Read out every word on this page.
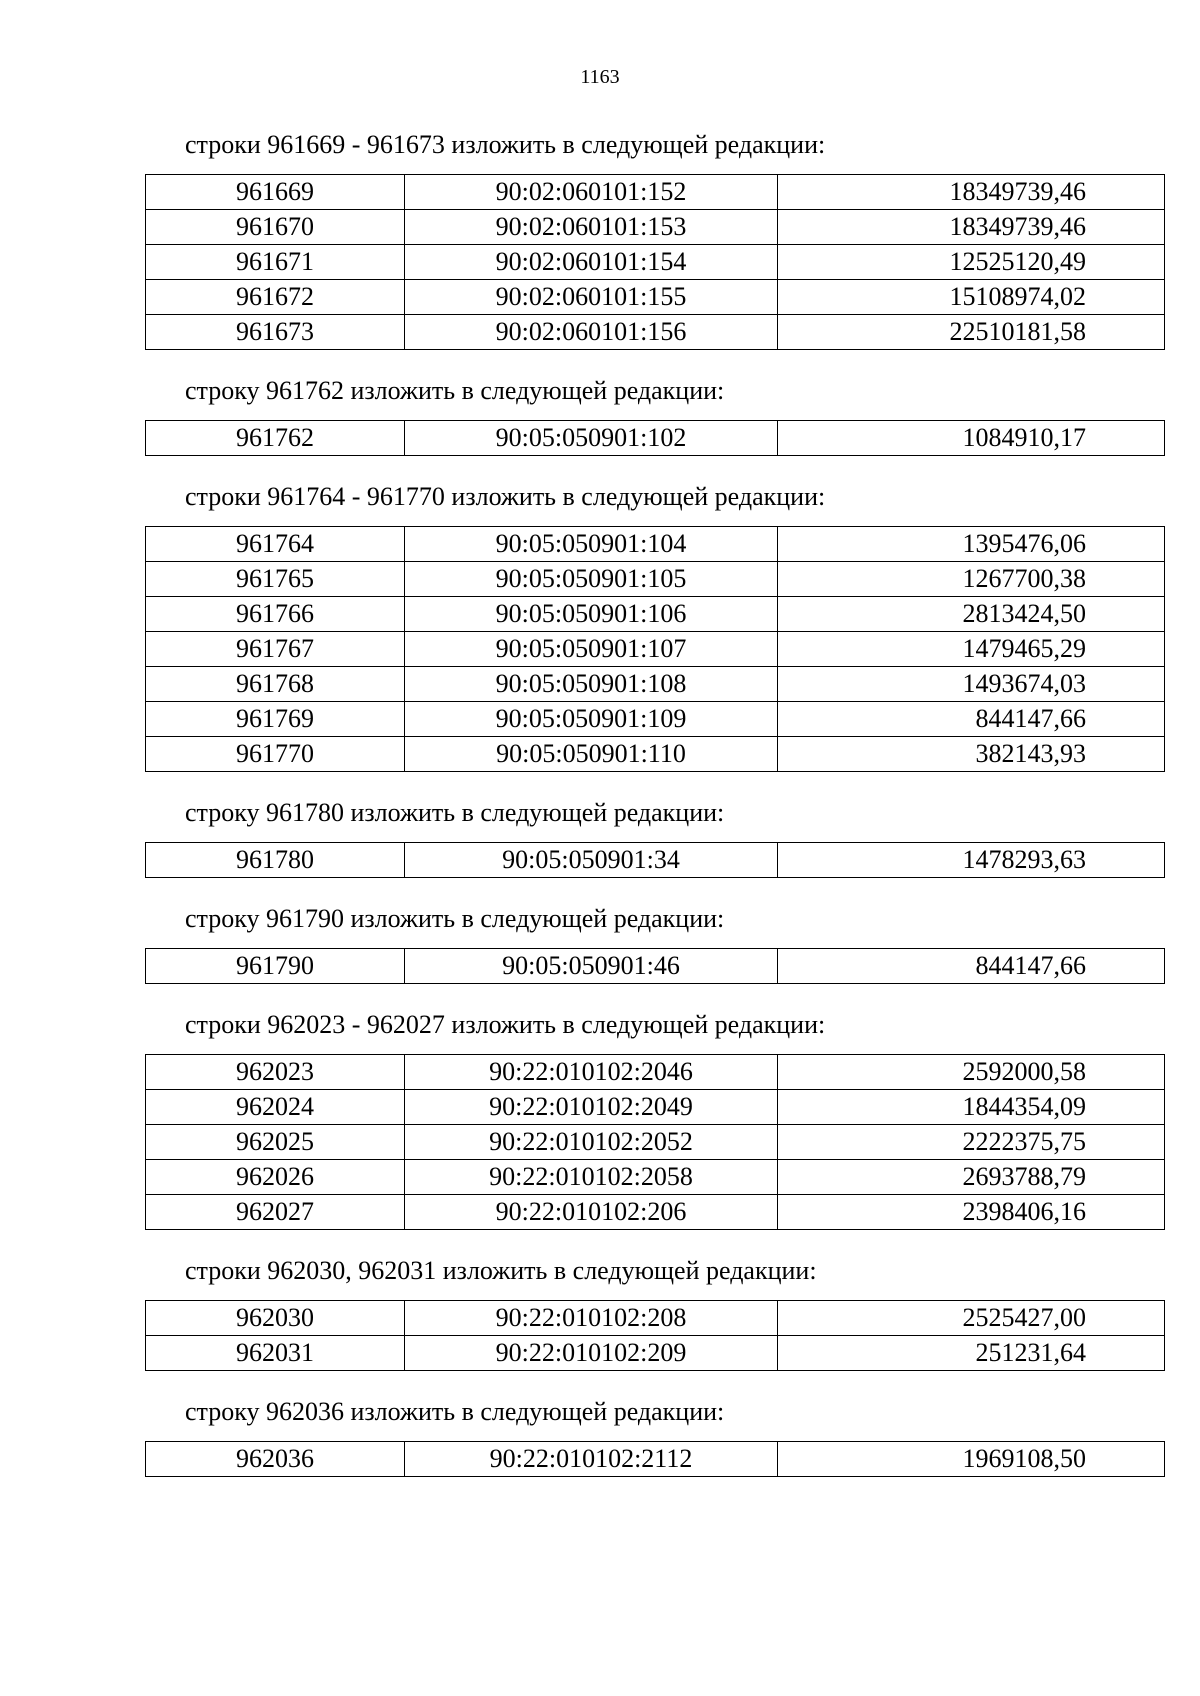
1163
строки 961669 - 961673 изложить в следующей редакции:
961669	90:02:060101:152	18349739,46
961670	90:02:060101:153	18349739,46
961671	90:02:060101:154	12525120,49
961672	90:02:060101:155	15108974,02
961673	90:02:060101:156	22510181,58
строку 961762 изложить в следующей редакции:
961762	90:05:050901:102	1084910,17
строки 961764 - 961770 изложить в следующей редакции:
961764	90:05:050901:104	1395476,06
961765	90:05:050901:105	1267700,38
961766	90:05:050901:106	2813424,50
961767	90:05:050901:107	1479465,29
961768	90:05:050901:108	1493674,03
961769	90:05:050901:109	844147,66
961770	90:05:050901:110	382143,93
строку 961780 изложить в следующей редакции:
961780	90:05:050901:34	1478293,63
строку 961790 изложить в следующей редакции:
961790	90:05:050901:46	844147,66
строки 962023 - 962027 изложить в следующей редакции:
962023	90:22:010102:2046	2592000,58
962024	90:22:010102:2049	1844354,09
962025	90:22:010102:2052	2222375,75
962026	90:22:010102:2058	2693788,79
962027	90:22:010102:206	2398406,16
строки 962030, 962031 изложить в следующей редакции:
962030	90:22:010102:208	2525427,00
962031	90:22:010102:209	251231,64
строку 962036 изложить в следующей редакции:
962036	90:22:010102:2112	1969108,50
